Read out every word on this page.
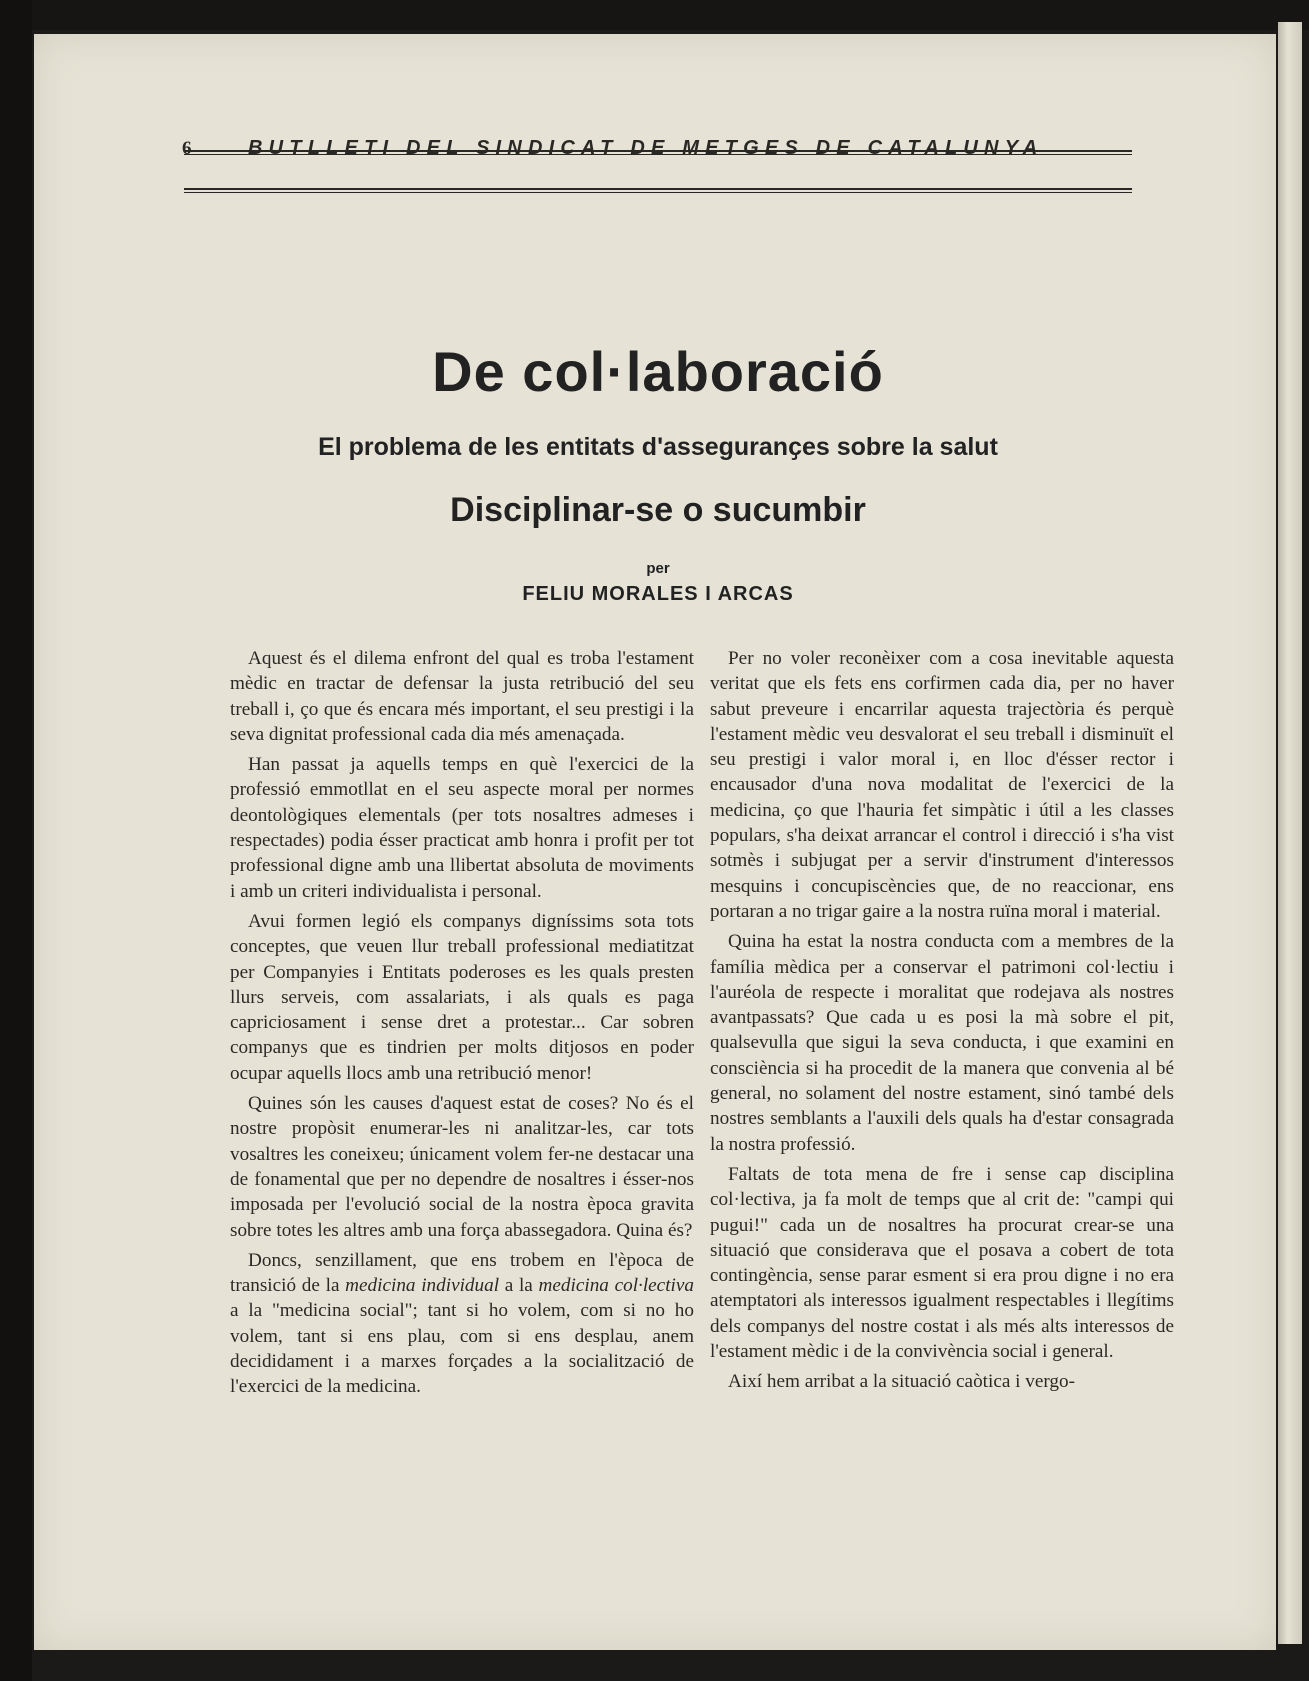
6	BUTLLETI DEL SINDICAT DE METGES DE CATALUNYA
De col·laboració
El problema de les entitats d'asseguranҫes sobre la salut
Disciplinar-se o sucumbir
per
FELIU MORALES I ARCAS

Aquest és el dilema enfront del qual es troba l'estament mèdic en tractar de defensar la justa retribució del seu treball i, ço que és encara més important, el seu prestigi i la seva dignitat professional cada dia més amenaçada.

Han passat ja aquells temps en què l'exercici de la professió emmotllat en el seu aspecte moral per normes deontològiques elementals (per tots nosaltres admeses i respectades) podia ésser practicat amb honra i profit per tot professional digne amb una llibertat absoluta de moviments i amb un criteri individualista i personal.

Avui formen legió els companys digníssims sota tots conceptes, que veuen llur treball professional mediatitzat per Companyies i Entitats poderoses es les quals presten llurs serveis, com assalariats, i als quals es paga capriciosament i sense dret a protestar... Car sobren companys que es tindrien per molts ditjosos en poder ocupar aquells llocs amb una retribució menor!

Quines són les causes d'aquest estat de coses? No és el nostre propòsit enumerar-les ni analitzar-les, car tots vosaltres les coneixeu; únicament volem fer-ne destacar una de fonamental que per no dependre de nosaltres i ésser-nos imposada per l'evolució social de la nostra època gravita sobre totes les altres amb una força abassegadora. Quina és?

Doncs, senzillament, que ens trobem en l'època de transició de la medicina individual a la medicina col·lectiva a la "medicina social"; tant si ho volem, com si no ho volem, tant si ens plau, com si ens desplau, anem decididament i a marxes forçades a la socialització de l'exercici de la medicina.

Per no voler reconèixer com a cosa inevitable aquesta veritat que els fets ens corfirmen cada dia, per no haver sabut preveure i encarrilar aquesta trajectòria és perquè l'estament mèdic veu desvalorat el seu treball i disminuït el seu prestigi i valor moral i, en lloc d'ésser rector i encausador d'una nova modalitat de l'exercici de la medicina, ço que l'hauria fet simpàtic i útil a les classes populars, s'ha deixat arrancar el control i direcció i s'ha vist sotmès i subjugat per a servir d'instrument d'interessos mesquins i concupiscències que, de no reaccionar, ens portaran a no trigar gaire a la nostra ruïna moral i material.

Quina ha estat la nostra conducta com a membres de la família mèdica per a conservar el patrimoni col·lectiu i l'auréola de respecte i moralitat que rodejava als nostres avantpassats? Que cada u es posi la mà sobre el pit, qualsevulla que sigui la seva conducta, i que examini en consciència si ha procedit de la manera que convenia al bé general, no solament del nostre estament, sinó també dels nostres semblants a l'auxili dels quals ha d'estar consagrada la nostra professió.

Faltats de tota mena de fre i sense cap disciplina col·lectiva, ja fa molt de temps que al crit de: "campi qui pugui!" cada un de nosaltres ha procurat crear-se una situació que considerava que el posava a cobert de tota contingència, sense parar esment si era prou digne i no era atemptatori als interessos igualment respectables i llegítims dels companys del nostre costat i als més alts interessos de l'estament mèdic i de la convivència social i general.

Així hem arribat a la situació caòtica i vergo-
